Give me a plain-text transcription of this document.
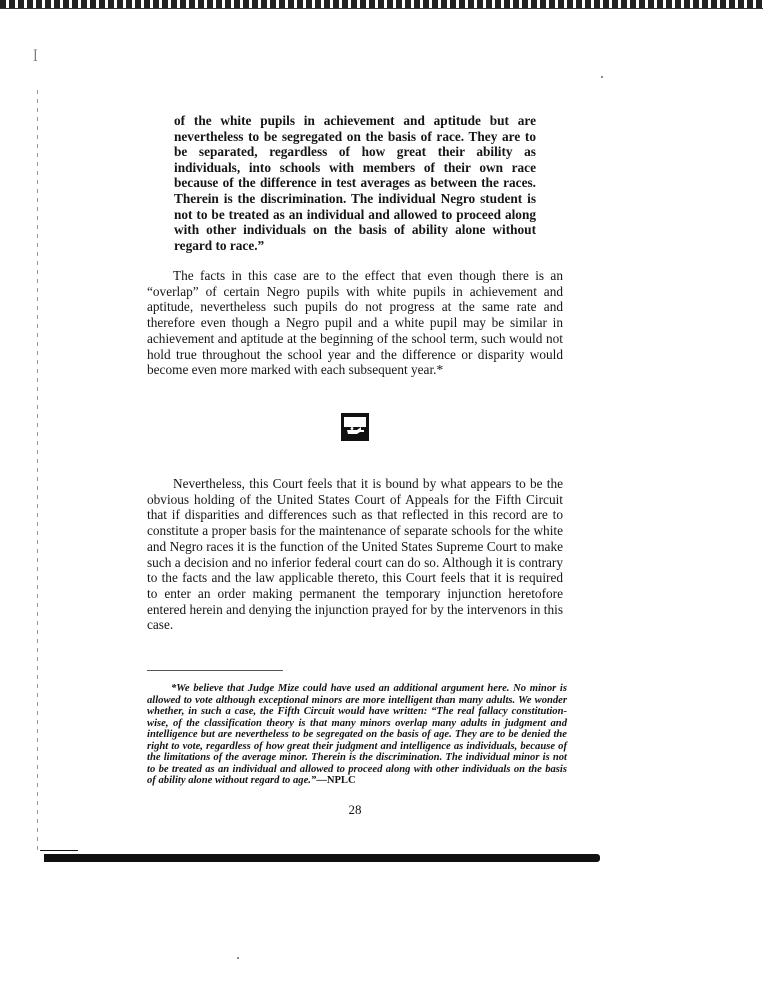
ꟾ

of the white pupils in achievement and aptitude but are nevertheless to be segregated on the basis of race. They are to be separated, regardless of how great their ability as individuals, into schools with members of their own race because of the difference in test averages as between the races. Therein is the discrimination. The individual Negro student is not to be treated as an individual and allowed to proceed along with other individuals on the basis of ability alone without regard to race.”

The facts in this case are to the effect that even though there is an “overlap” of certain Negro pupils with white pupils in achievement and aptitude, nevertheless such pupils do not progress at the same rate and therefore even though a Negro pupil and a white pupil may be similar in achievement and aptitude at the beginning of the school term, such would not hold true throughout the school year and the difference or disparity would become even more marked with each subsequent year.*

Nevertheless, this Court feels that it is bound by what appears to be the obvious holding of the United States Court of Appeals for the Fifth Circuit that if disparities and differences such as that reflected in this record are to constitute a proper basis for the maintenance of separate schools for the white and Negro races it is the function of the United States Supreme Court to make such a decision and no inferior federal court can do so. Although it is contrary to the facts and the law applicable thereto, this Court feels that it is required to enter an order making permanent the temporary injunction heretofore entered herein and denying the injunction prayed for by the intervenors in this case.

*We believe that Judge Mize could have used an additional argument here. No minor is allowed to vote although exceptional minors are more intelligent than many adults. We wonder whether, in such a case, the Fifth Circuit would have written: “The real fallacy constitution-wise, of the classification theory is that many minors overlap many adults in judgment and intelligence but are nevertheless to be segregated on the basis of age. They are to be denied the right to vote, regardless of how great their judgment and intelligence as individuals, because of the limitations of the average minor. Therein is the discrimination. The individual minor is not to be treated as an individual and allowed to proceed along with other individuals on the basis of ability alone without regard to age.”—NPLC

28
